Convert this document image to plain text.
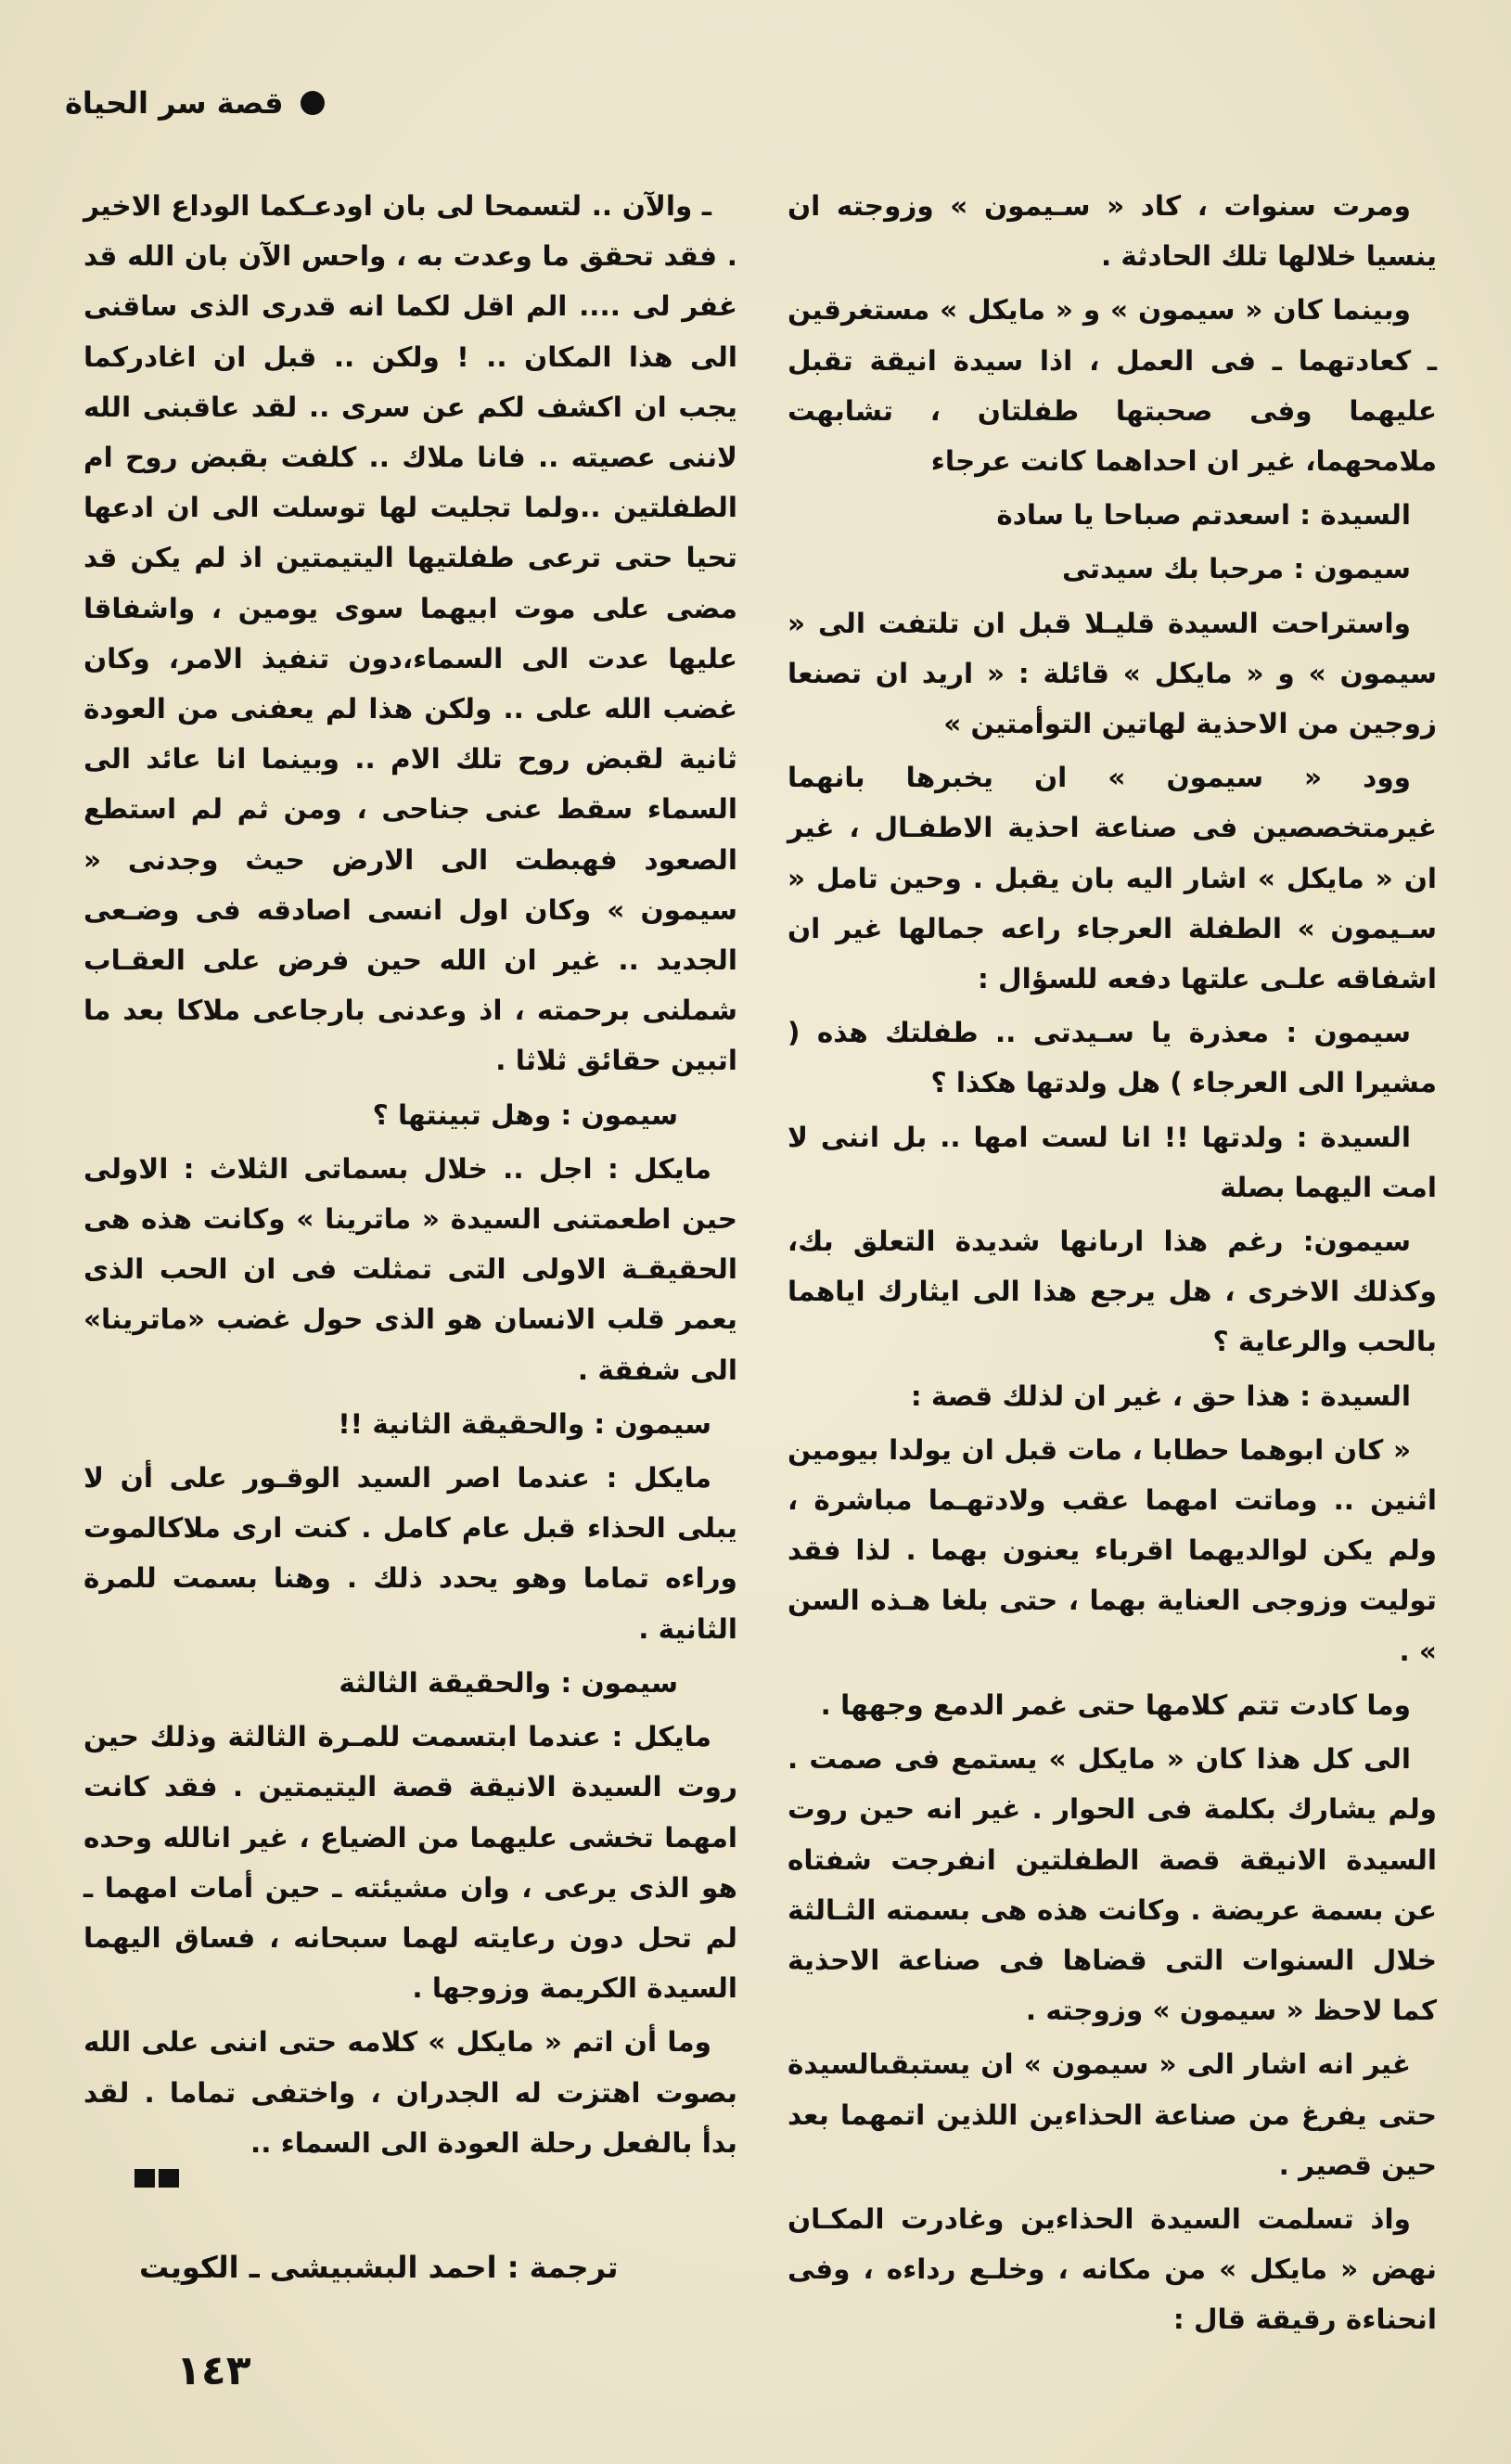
قصة سر الحياة

ومرت سنوات ، كاد « سـيمون » وزوجته ان ينسيا خلالها تلك الحادثة .

وبينما كان « سيمون » و « مايكل » مستغرقين ـ كعادتهما ـ فى العمل ، اذا سيدة انيقة تقبل عليهما وفى صحبتها طفلتان ، تشابهت ملامحهما، غير ان احداهما كانت عرجاء

السيدة : اسعدتم صباحا يا سادة

سيمون : مرحبا بك سيدتى

واستراحت السيدة قليـلا قبل ان تلتفت الى « سيمون » و « مايكل » قائلة : « اريد ان تصنعا زوجين من الاحذية لهاتين التوأمتين »

وود « سيمون » ان يخبرها بانهما غيرمتخصصين فى صناعة احذية الاطفـال ، غير ان « مايكل » اشار اليه بان يقبل . وحين تامل « سـيمون » الطفلة العرجاء راعه جمالها غير ان اشفاقه علـى علتها دفعه للسؤال :

سيمون : معذرة يا سـيدتى .. طفلتك هذه ( مشيرا الى العرجاء ) هل ولدتها هكذا ؟

السيدة : ولدتها !! انا لست امها .. بل اننى لا امت اليهما بصلة

سيمون: رغم هذا ارىانها شديدة التعلق بك، وكذلك الاخرى ، هل يرجع هذا الى ايثارك اياهما بالحب والرعاية ؟

السيدة : هذا حق ، غير ان لذلك قصة :

« كان ابوهما حطابا ، مات قبل ان يولدا بيومين اثنين .. وماتت امهما عقب ولادتهـما مباشرة ، ولم يكن لوالديهما اقرباء يعنون بهما . لذا فقد توليت وزوجى العناية بهما ، حتى بلغا هـذه السن » .

وما كادت تتم كلامها حتى غمر الدمع وجهها .

الى كل هذا كان « مايكل » يستمع فى صمت . ولم يشارك بكلمة فى الحوار . غير انه حين روت السيدة الانيقة قصة الطفلتين انفرجت شفتاه عن بسمة عريضة . وكانت هذه هى بسمته الثـالثة خلال السنوات التى قضاها فى صناعة الاحذية كما لاحظ « سيمون » وزوجته .

غير انه اشار الى « سيمون » ان يستبقىالسيدة حتى يفرغ من صناعة الحذاءين اللذين اتمهما بعد حين قصير .

واذ تسلمت السيدة الحذاءين وغادرت المكـان نهض « مايكل » من مكانه ، وخلـع رداءه ، وفى انحناءة رقيقة قال :

ـ والآن .. لتسمحا لى بان اودعـكما الوداع الاخير . فقد تحقق ما وعدت به ، واحس الآن بان الله قد غفر لى .... الم اقل لكما انه قدرى الذى ساقنى الى هذا المكان .. ! ولكن .. قبل ان اغادركما يجب ان اكشف لكم عن سرى .. لقد عاقبنى الله لاننى عصيته .. فانا ملاك .. كلفت بقبض روح ام الطفلتين ..ولما تجليت لها توسلت الى ان ادعها تحيا حتى ترعى طفلتيها اليتيمتين اذ لم يكن قد مضى على موت ابيهما سوى يومين ، واشفاقا عليها عدت الى السماء،دون تنفيذ الامر، وكان غضب الله على .. ولكن هذا لم يعفنى من العودة ثانية لقبض روح تلك الام .. وبينما انا عائد الى السماء سقط عنى جناحى ، ومن ثم لم استطع الصعود فهبطت الى الارض حيث وجدنى « سيمون » وكان اول انسى اصادقه فى وضـعى الجديد .. غير ان الله حين فرض على العقـاب شملنى برحمته ، اذ وعدنى بارجاعى ملاكا بعد ما اتبين حقائق ثلاثا .

سيمون : وهل تبينتها ؟

مايكل : اجل .. خلال بسماتى الثلاث : الاولى حين اطعمتنى السيدة « ماترينا » وكانت هذه هى الحقيقـة الاولى التى تمثلت فى ان الحب الذى يعمر قلب الانسان هو الذى حول غضب «ماترينا» الى شفقة .

سيمون : والحقيقة الثانية !!

مايكل : عندما اصر السيد الوقـور على أن لا يبلى الحذاء قبل عام كامل . كنت ارى ملاكالموت وراءه تماما وهو يحدد ذلك . وهنا بسمت للمرة الثانية .

سيمون : والحقيقة الثالثة

مايكل : عندما ابتسمت للمـرة الثالثة وذلك حين روت السيدة الانيقة قصة اليتيمتين . فقد كانت امهما تخشى عليهما من الضياع ، غير انالله وحده هو الذى يرعى ، وان مشيئته ـ حين أمات امهما ـ لم تحل دون رعايته لهما سبحانه ، فساق اليهما السيدة الكريمة وزوجها .

وما أن اتم « مايكل » كلامه حتى اننى على الله بصوت اهتزت له الجدران ، واختفى تماما . لقد بدأ بالفعل رحلة العودة الى السماء ..

ترجمة : احمد البشبيشى ـ الكويت
١٤٣
